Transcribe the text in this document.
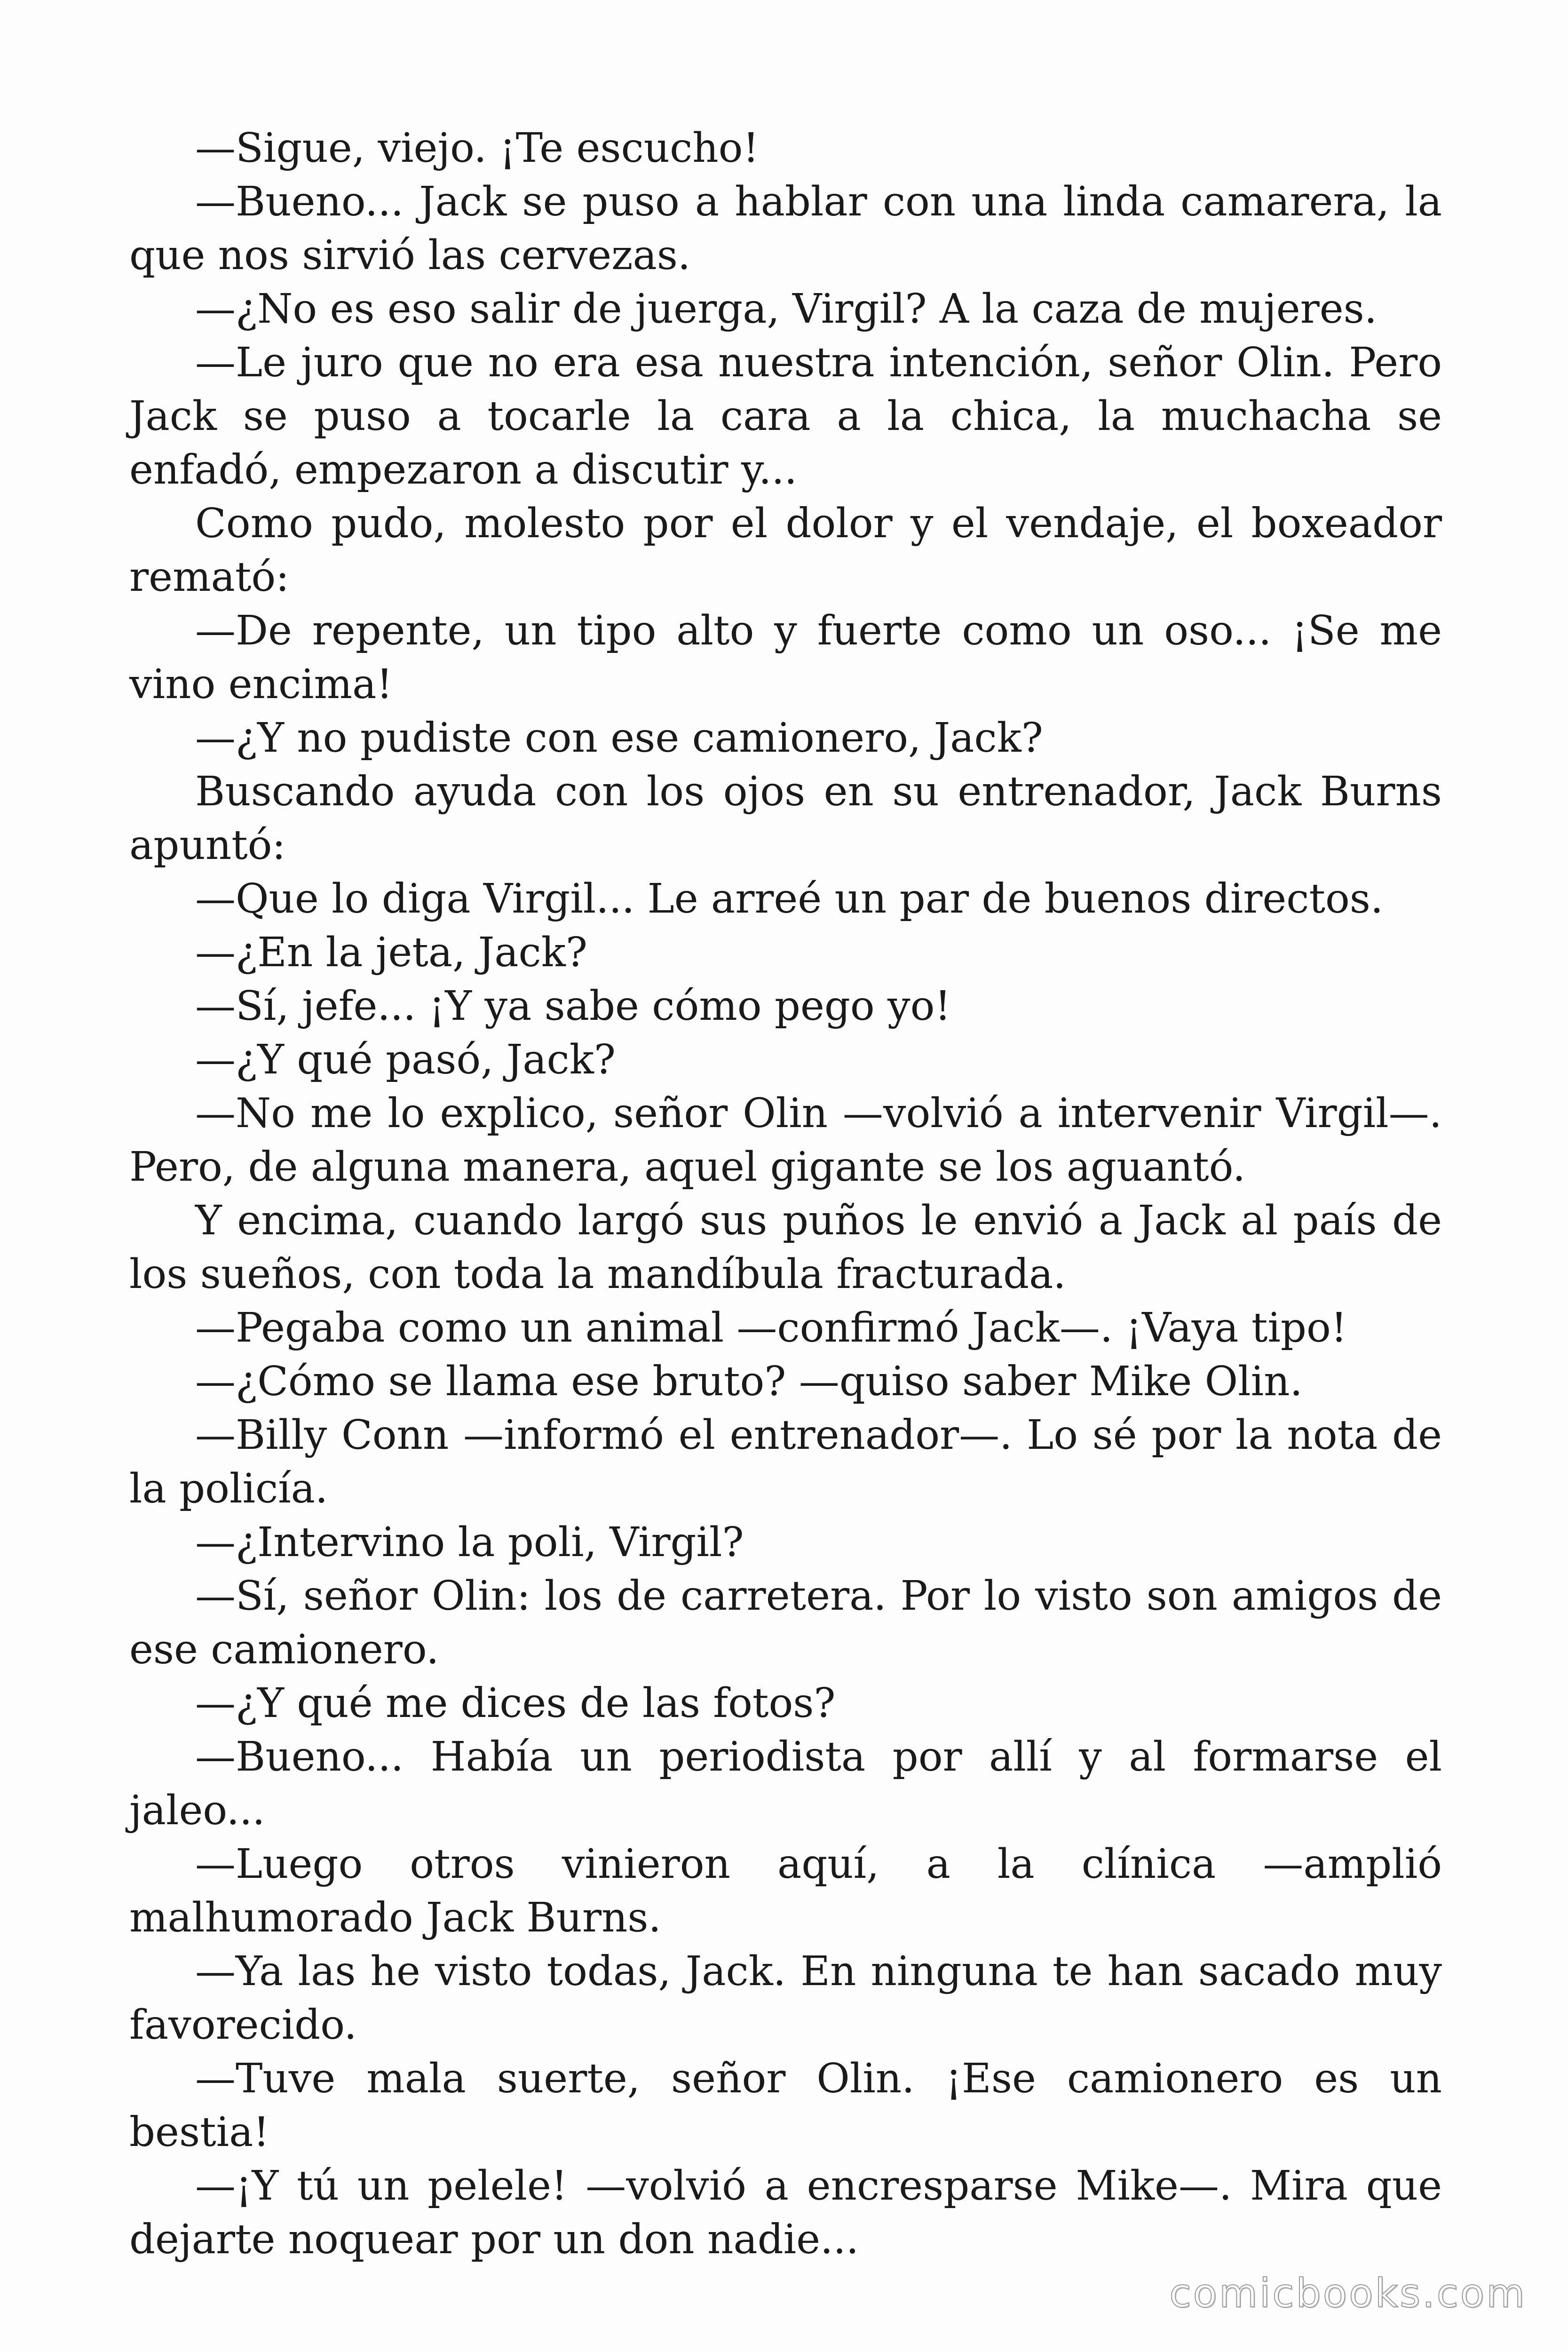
—Sigue, viejo. ¡Te escucho!

—Bueno... Jack se puso a hablar con una linda camarera, la que nos sirvió las cervezas.

—¿No es eso salir de juerga, Virgil? A la caza de mujeres.

—Le juro que no era esa nuestra intención, señor Olin. Pero Jack se puso a tocarle la cara a la chica, la muchacha se enfadó, empezaron a discutir y...

Como pudo, molesto por el dolor y el vendaje, el boxeador remató:

—De repente, un tipo alto y fuerte como un oso... ¡Se me vino encima!

—¿Y no pudiste con ese camionero, Jack?

Buscando ayuda con los ojos en su entrenador, Jack Burns apuntó:

—Que lo diga Virgil... Le arreé un par de buenos directos.

—¿En la jeta, Jack?

—Sí, jefe... ¡Y ya sabe cómo pego yo!

—¿Y qué pasó, Jack?

—No me lo explico, señor Olin —volvió a intervenir Virgil—. Pero, de alguna manera, aquel gigante se los aguantó.

Y encima, cuando largó sus puños le envió a Jack al país de los sueños, con toda la mandíbula fracturada.

—Pegaba como un animal —confirmó Jack—. ¡Vaya tipo!

—¿Cómo se llama ese bruto? —quiso saber Mike Olin.

—Billy Conn —informó el entrenador—. Lo sé por la nota de la policía.

—¿Intervino la poli, Virgil?

—Sí, señor Olin: los de carretera. Por lo visto son amigos de ese camionero.

—¿Y qué me dices de las fotos?

—Bueno... Había un periodista por allí y al formarse el jaleo...

—Luego otros vinieron aquí, a la clínica —amplió malhumorado Jack Burns.

—Ya las he visto todas, Jack. En ninguna te han sacado muy favorecido.

—Tuve mala suerte, señor Olin. ¡Ese camionero es un bestia!

—¡Y tú un pelele! —volvió a encresparse Mike—. Mira que dejarte noquear por un don nadie...

comicbooks.com
